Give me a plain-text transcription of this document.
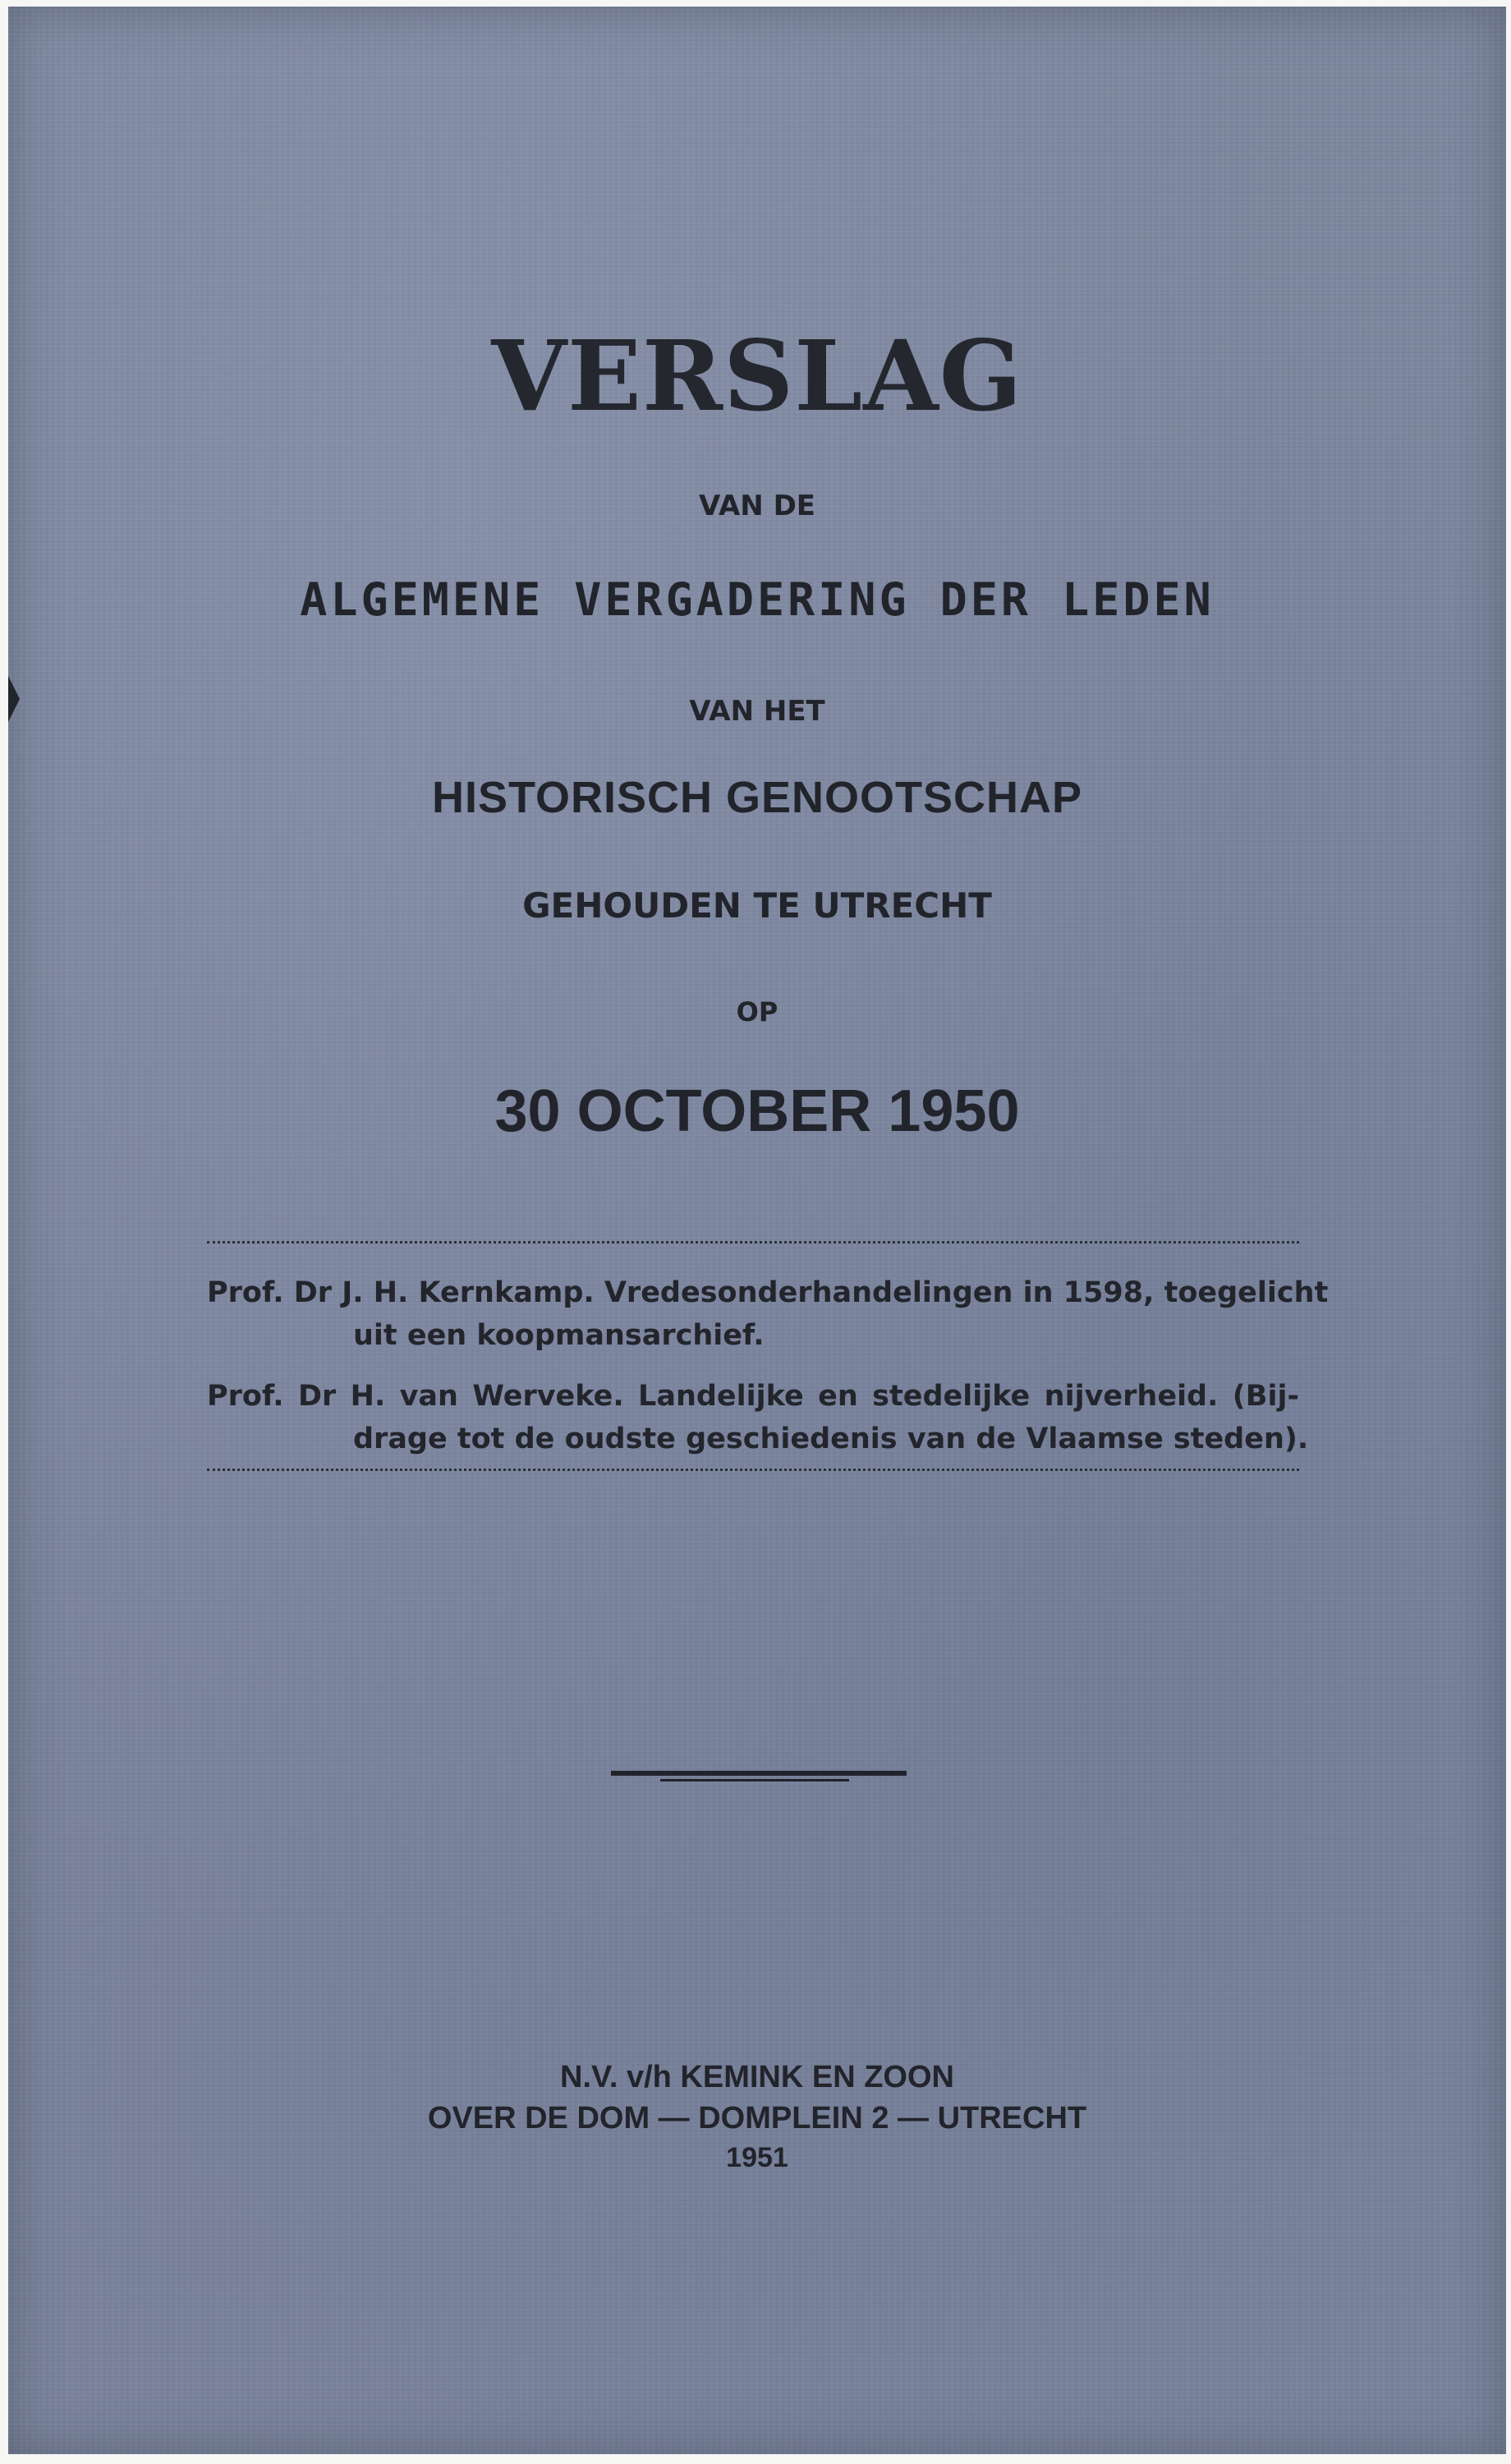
VERSLAG
VAN DE
ALGEMENE VERGADERING DER LEDEN
VAN HET
HISTORISCH GENOOTSCHAP
GEHOUDEN TE UTRECHT
OP
30 OCTOBER 1950
Prof. Dr J. H. Kernkamp. Vredesonderhandelingen in 1598, toegelicht
uit een koopmansarchief.
Prof. Dr H. van Werveke. Landelijke en stedelijke nijverheid. (Bij-
drage tot de oudste geschiedenis van de Vlaamse steden).
N.V. v/h KEMINK EN ZOON
OVER DE DOM — DOMPLEIN 2 — UTRECHT
1951
